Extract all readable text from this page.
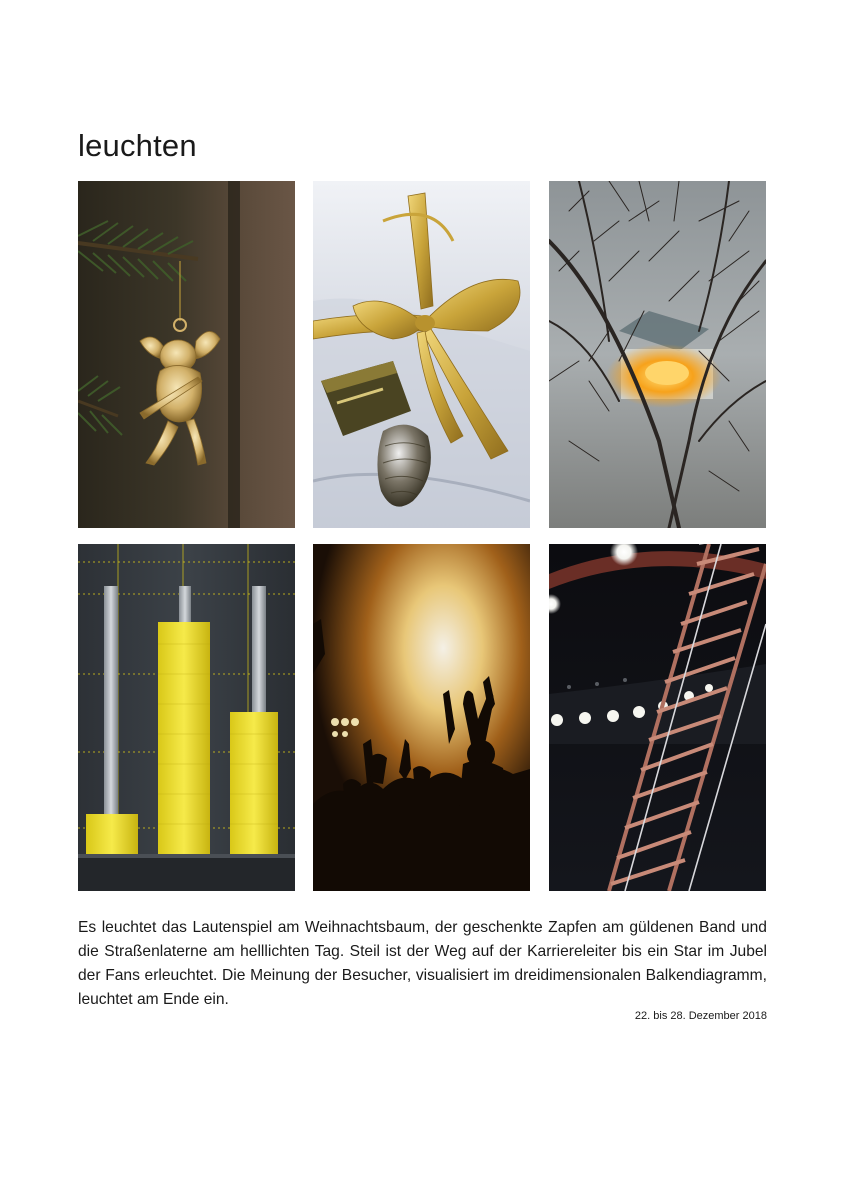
leuchten

Es leuchtet das Lautenspiel am Weihnachtsbaum, der geschenkte Zapfen am güldenen Band und die Straßenlaterne am helllichten Tag. Steil ist der Weg auf der Karriereleiter bis ein Star im Jubel der Fans erleuchtet. Die Meinung der Besucher, visualisiert im dreidimensionalen Balkendiagramm, leuchtet am Ende ein.

22. bis 28. Dezember 2018
